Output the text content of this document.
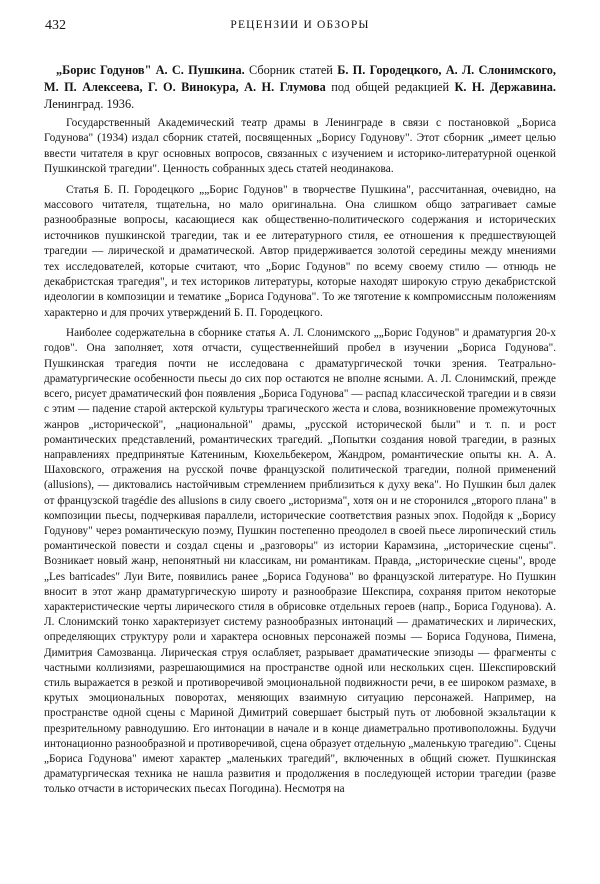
432	РЕЦЕНЗИИ И ОБЗОРЫ

„Борис Годунов" А. С. Пушкина. Сборник статей Б. П. Городецкого, А. Л. Слонимского, М. П. Алексеева, Г. О. Винокура, А. Н. Глумова под общей редакцией К. Н. Державина. Ленинград. 1936.

Государственный Академический театр драмы в Ленинграде в связи с постановкой „Бориса Годунова" (1934) издал сборник статей, посвященных „Борису Годунову". Этот сборник „имеет целью ввести читателя в круг основных вопросов, связанных с изучением и историко-литературной оценкой Пушкинской трагедии". Ценность собранных здесь статей неодинакова.

Статья Б. П. Городецкого „„Борис Годунов" в творчестве Пушкина", рассчитанная, очевидно, на массового читателя, тщательна, но мало оригинальна. Она слишком общо затрагивает самые разнообразные вопросы, касающиеся как общественно-политического содержания и исторических источников пушкинской трагедии, так и ее литературного стиля, ее отношения к предшествующей трагедии — лирической и драматической. Автор придерживается золотой середины между мнениями тех исследователей, которые считают, что „Борис Годунов" по всему своему стилю — отнюдь не декабристская трагедия", и тех историков литературы, которые находят широкую струю декабристской идеологии в композиции и тематике „Бориса Годунова". То же тяготение к компромиссным положениям характерно и для прочих утверждений Б. П. Городецкого.

Наиболее содержательна в сборнике статья А. Л. Слонимского „„Борис Годунов" и драматургия 20-х годов". Она заполняет, хотя отчасти, существеннейший пробел в изучении „Бориса Годунова". Пушкинская трагедия почти не исследована с драматургической точки зрения. Театрально-драматургические особенности пьесы до сих пор остаются не вполне ясными. А. Л. Слонимский, прежде всего, рисует драматический фон появления „Бориса Годунова" — распад классической трагедии и в связи с этим — падение старой актерской культуры трагического жеста и слова, возникновение промежуточных жанров „исторической", „национальной" драмы, „русской исторической были" и т. п. и рост романтических представлений, романтических трагедий. „Попытки создания новой трагедии, в разных направлениях предпринятые Катениным, Кюхельбекером, Жандром, романтические опыты кн. А. А. Шаховского, отражения на русской почве французской политической трагедии, полной применений (allusions), — диктовались настойчивым стремлением приблизиться к духу века". Но Пушкин был далек от французской tragédie des allusions в силу своего „историзма", хотя он и не сторонился „второго плана" в композиции пьесы, подчеркивая параллели, исторические соответствия разных эпох. Подойдя к „Борису Годунову" через романтическую поэму, Пушкин постепенно преодолел в своей пьесе лиропический стиль романтической повести и создал сцены и „разговоры" из истории Карамзина, „исторические сцены". Возникает новый жанр, непонятный ни классикам, ни романтикам. Правда, „исторические сцены", вроде „Les barricades" Луи Вите, появились ранее „Бориса Годунова" во французской литературе. Но Пушкин вносит в этот жанр драматургическую широту и разнообразие Шекспира, сохраняя притом некоторые характеристические черты лирического стиля в обрисовке отдельных героев (напр., Бориса Годунова). А. Л. Слонимский тонко характеризует систему разнообразных интонаций — драматических и лирических, определяющих структуру роли и характера основных персонажей поэмы — Бориса Годунова, Пимена, Димитрия Самозванца. Лирическая струя ослабляет, разрывает драматические эпизоды — фрагменты с частными коллизиями, разрешающимися на пространстве одной или нескольких сцен. Шекспировский стиль выражается в резкой и противоречивой эмоциональной подвижности речи, в ее широком размахе, в крутых эмоциональных поворотах, меняющих взаимную ситуацию персонажей. Например, на пространстве одной сцены с Мариной Димитрий совершает быстрый путь от любовной экзальтации к презрительному равнодушию. Его интонации в начале и в конце диаметрально противоположны. Будучи интонационно разнообразной и противоречивой, сцена образует отдельную „маленькую трагедию". Сцены „Бориса Годунова" имеют характер „маленьких трагедий", включенных в общий сюжет. Пушкинская драматургическая техника не нашла развития и продолжения в последующей истории трагедии (разве только отчасти в исторических пьесах Погодина). Несмотря на
